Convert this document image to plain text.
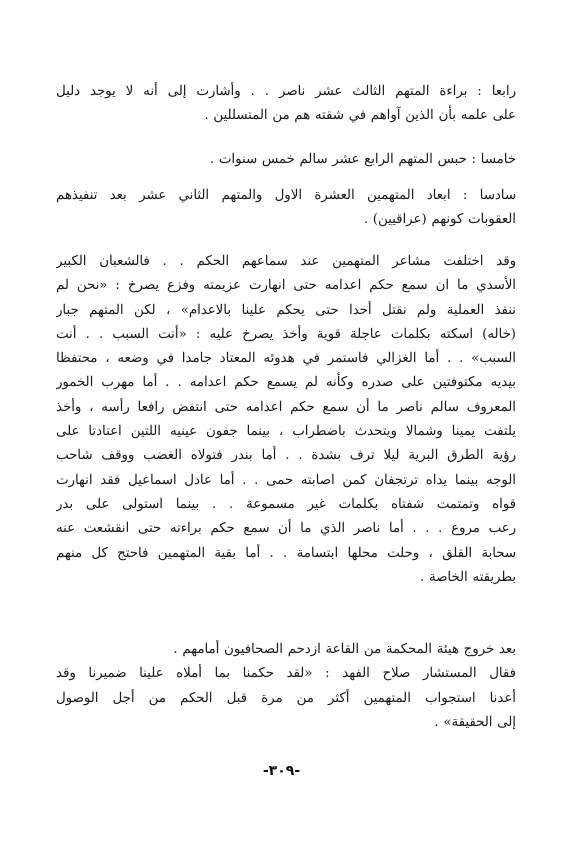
رابعا : براءة المتهم الثالث عشر ناصر . . وأشارت إلى أنه لا يوجد دليل
على علمه بأن الذين آواهم في شقته هم من المتسللين .
خامسا : حبس المتهم الرابع عشر سالم خمس سنوات .
سادسا : ابعاد المتهمين العشرة الاول والمتهم الثاني عشر بعد تنفيذهم
العقوبات كونهم (عراقيين) .
وقد اختلفت مشاعر المتهمين عند سماعهم الحكم . . فالشعبان الكبير
الأسدي ما ان سمع حكم اعدامه حتى انهارت عزيمته وفزع يصرخ : «نحن لم
ننفذ العملية ولم نقتل أحدا حتى يحكم علينا بالاعدام» ، لكن المتهم جبار
(خاله) اسكته بكلمات عاجلة قوية وأخذ يصرخ عليه : «أنت السبب . . أنت
السبب» . . أما الغزالي فاستمر في هدوئه المعتاد جامدا في وضعه ، محتفظا
بيديه مكتوفتين على صدره وكأنه لم يسمع حكم اعدامه . . أما مهرب الخمور
المعروف سالم ناصر ما أن سمع حكم اعدامه حتى انتفض رافعا رأسه ، وأخذ
يلتفت يمينا وشمالا ويتحدث باضطراب ، بينما جفون عينيه اللتين اعتادتا على
رؤية الطرق البرية ليلا ترف بشدة . . أما بندر فتولاه الغضب ووقف شاحب
الوجه بينما يداه ترتجفان كمن اصابته حمى . . أما عادل اسماعيل فقد انهارت
قواه وتمتمت شفتاه بكلمات غير مسموعة . . بينما استولى على بدر
رعب مروع . . . أما ناصر الذي ما أن سمع حكم براءته حتى انقشعت عنه
سحابة القلق ، وحلت محلها ابتسامة . . أما بقية المتهمين فاحتج كل منهم
بطريقته الخاصة .
بعد خروج هيئة المحكمة من القاعة ازدحم الصحافيون أمامهم .
فقال المستشار صلاح الفهد : «لقد حكمنا بما أملاه علينا ضميرنا وقد
أعدنا استجواب المتهمين أكثر من مرة قبل الحكم من أجل الوصول
إلى الحقيقة» .
-٣٠٩-
